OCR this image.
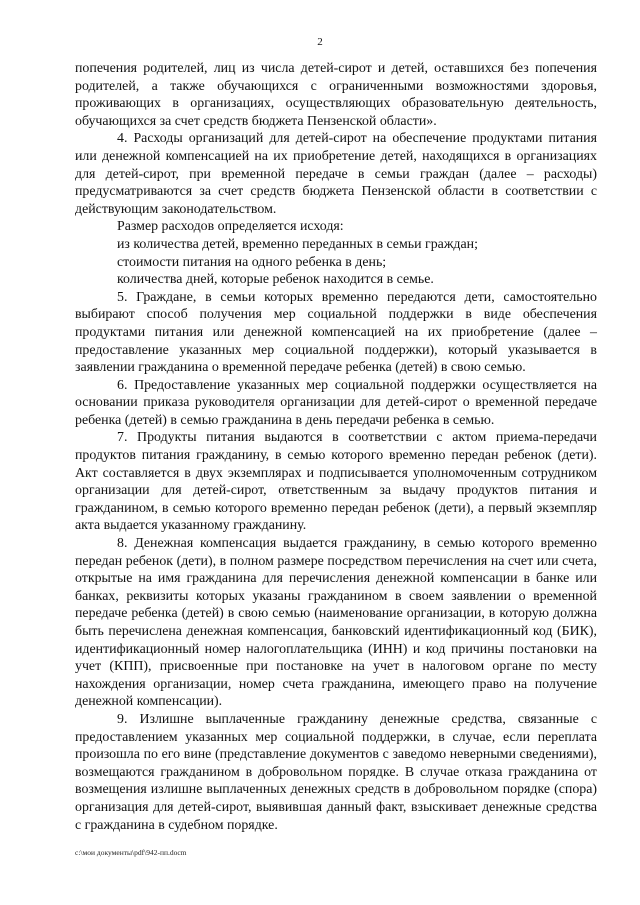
2

попечения родителей, лиц из числа детей-сирот и детей, оставшихся без попечения родителей, а также обучающихся с ограниченными возможностями здоровья, проживающих в организациях, осуществляющих образовательную деятельность, обучающихся за счет средств бюджета Пензенской области».

4. Расходы организаций для детей-сирот на обеспечение продуктами питания или денежной компенсацией на их приобретение детей, находящихся в организациях для детей-сирот, при временной передаче в семьи граждан (далее – расходы) предусматриваются за счет средств бюджета Пензенской области в соответствии с действующим законодательством.

Размер расходов определяется исходя:

из количества детей, временно переданных в семьи граждан;

стоимости питания на одного ребенка в день;

количества дней, которые ребенок находится в семье.

5. Граждане, в семьи которых временно передаются дети, самостоятельно выбирают способ получения мер социальной поддержки в виде обеспечения продуктами питания или денежной компенсацией на их приобретение (далее – предоставление указанных мер социальной поддержки), который указывается в заявлении гражданина о временной передаче ребенка (детей) в свою семью.

6. Предоставление указанных мер социальной поддержки осуществляется на основании приказа руководителя организации для детей-сирот о временной передаче ребенка (детей) в семью гражданина в день передачи ребенка в семью.

7. Продукты питания выдаются в соответствии с актом приема-передачи продуктов питания гражданину, в семью которого временно передан ребенок (дети). Акт составляется в двух экземплярах и подписывается уполномоченным сотрудником организации для детей-сирот, ответственным за выдачу продуктов питания и гражданином, в семью которого временно передан ребенок (дети), а первый экземпляр акта выдается указанному гражданину.

8. Денежная компенсация выдается гражданину, в семью которого временно передан ребенок (дети), в полном размере посредством перечисления на счет или счета, открытые на имя гражданина для перечисления денежной компенсации в банке или банках, реквизиты которых указаны гражданином в своем заявлении о временной передаче ребенка (детей) в свою семью (наименование организации, в которую должна быть перечислена денежная компенсация, банковский идентификационный код (БИК), идентификационный номер налогоплательщика (ИНН) и код причины постановки на учет (КПП), присвоенные при постановке на учет в налоговом органе по месту нахождения организации, номер счета гражданина, имеющего право на получение денежной компенсации).

9. Излишне выплаченные гражданину денежные средства, связанные с предоставлением указанных мер социальной поддержки, в случае, если переплата произошла по его вине (представление документов с заведомо неверными сведениями), возмещаются гражданином в добровольном порядке. В случае отказа гражданина от возмещения излишне выплаченных денежных средств в добровольном порядке (спора) организация для детей-сирот, выявившая данный факт, взыскивает денежные средства с гражданина в судебном порядке.

c:\мои документы\pdf\942-пп.docm
